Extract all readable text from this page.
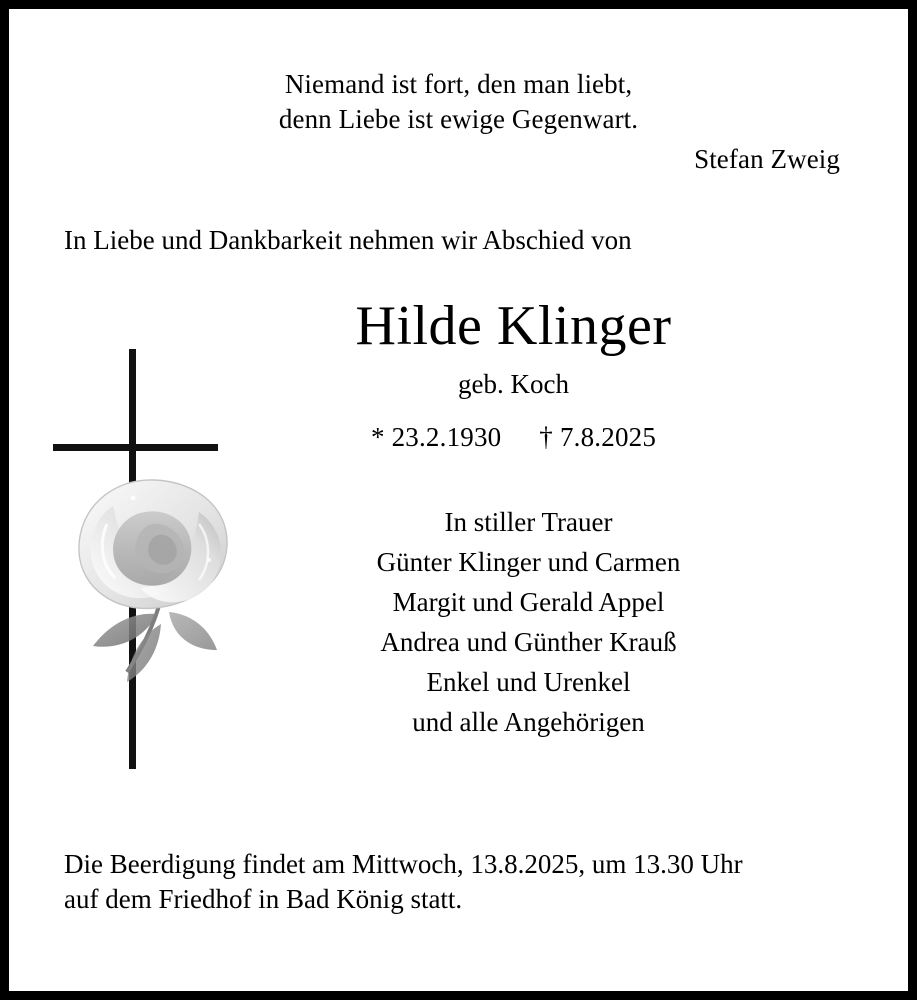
Niemand ist fort, den man liebt,
denn Liebe ist ewige Gegenwart.
Stefan Zweig
In Liebe und Dankbarkeit nehmen wir Abschied von
Hilde Klinger
geb. Koch
* 23.2.1930 † 7.8.2025
In stiller Trauer
Günter Klinger und Carmen
Margit und Gerald Appel
Andrea und Günther Krauß
Enkel und Urenkel
und alle Angehörigen
Die Beerdigung findet am Mittwoch, 13.8.2025, um 13.30 Uhr
auf dem Friedhof in Bad König statt.
